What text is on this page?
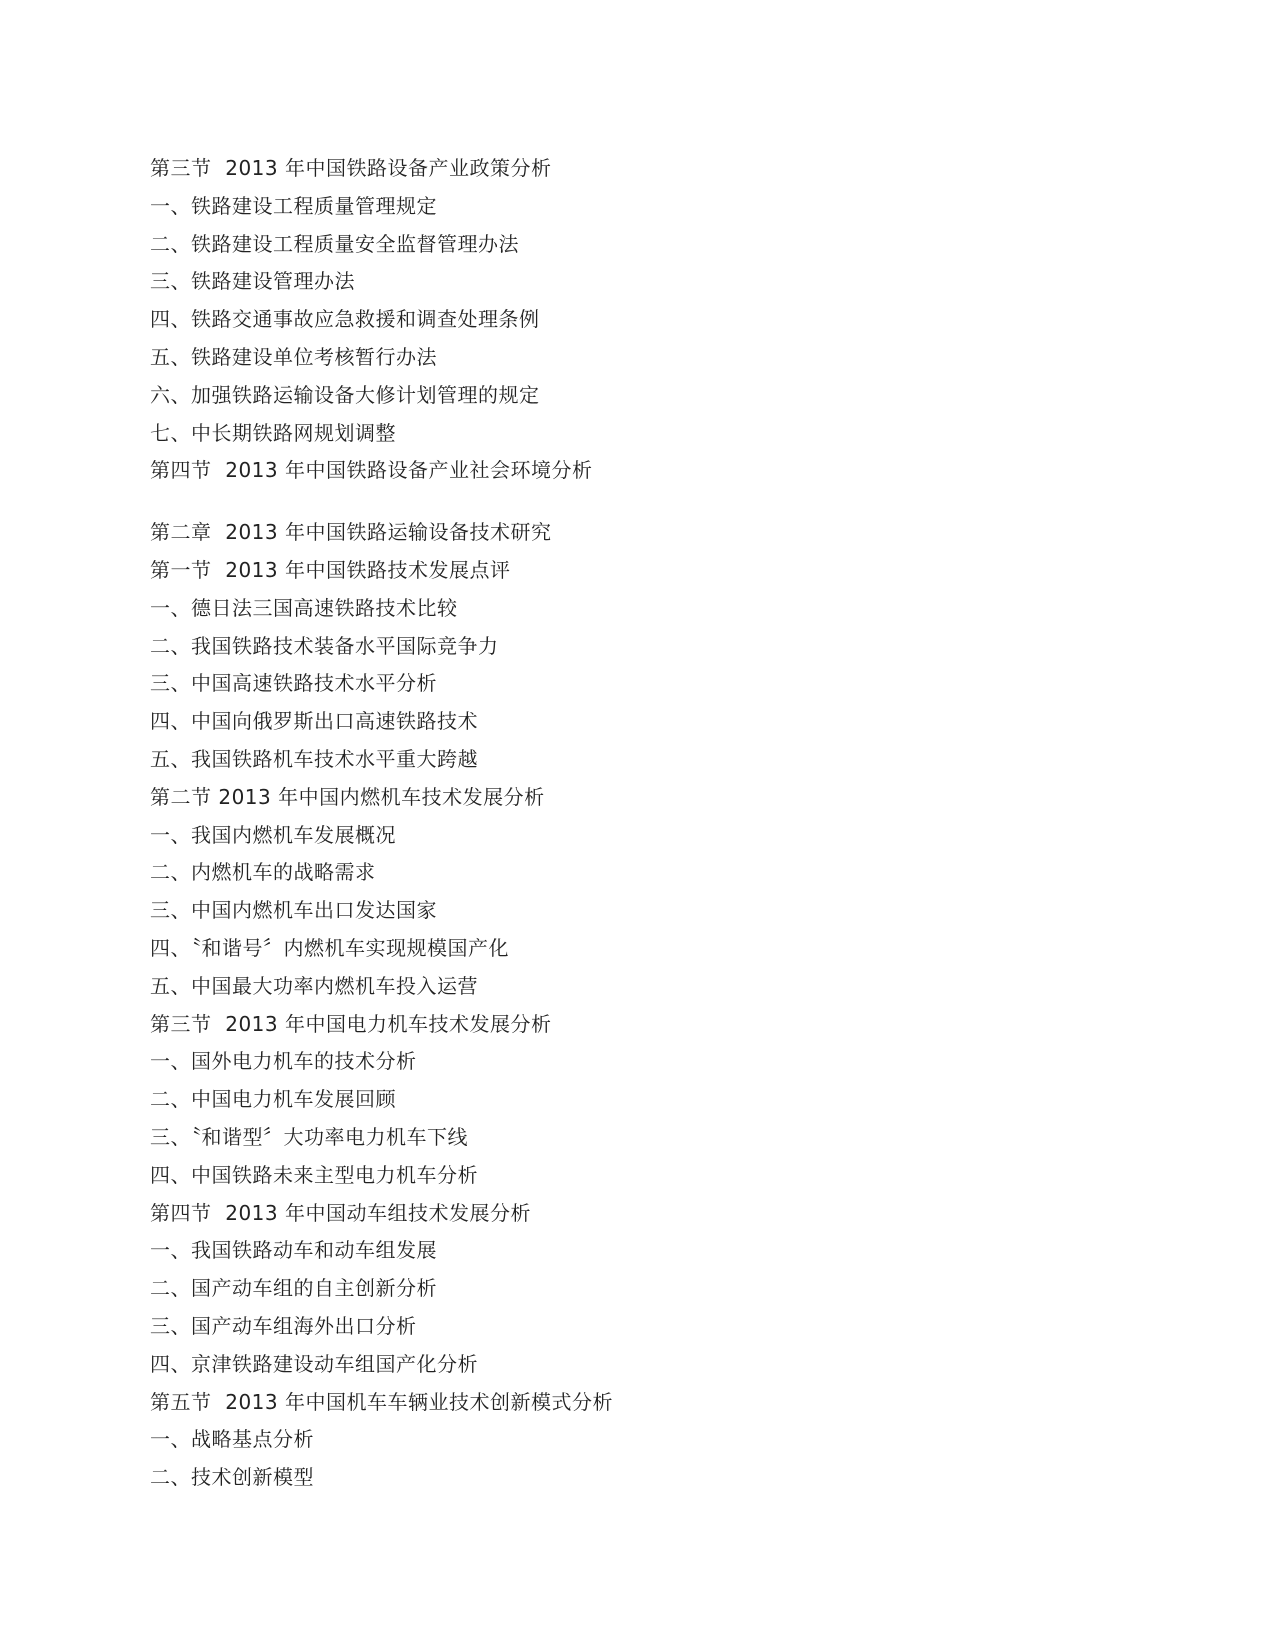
第三节  2013 年中国铁路设备产业政策分析
一、铁路建设工程质量管理规定
二、铁路建设工程质量安全监督管理办法
三、铁路建设管理办法
四、铁路交通事故应急救援和调查处理条例
五、铁路建设单位考核暂行办法
六、加强铁路运输设备大修计划管理的规定
七、中长期铁路网规划调整
第四节  2013 年中国铁路设备产业社会环境分析
第二章  2013 年中国铁路运输设备技术研究
第一节  2013 年中国铁路技术发展点评
一、德日法三国高速铁路技术比较
二、我国铁路技术装备水平国际竞争力
三、中国高速铁路技术水平分析
四、中国向俄罗斯出口高速铁路技术
五、我国铁路机车技术水平重大跨越
第二节 2013 年中国内燃机车技术发展分析
一、我国内燃机车发展概况
二、内燃机车的战略需求
三、中国内燃机车出口发达国家
四、〝和谐号〞内燃机车实现规模国产化
五、中国最大功率内燃机车投入运营
第三节  2013 年中国电力机车技术发展分析
一、国外电力机车的技术分析
二、中国电力机车发展回顾
三、〝和谐型〞大功率电力机车下线
四、中国铁路未来主型电力机车分析
第四节  2013 年中国动车组技术发展分析
一、我国铁路动车和动车组发展
二、国产动车组的自主创新分析
三、国产动车组海外出口分析
四、京津铁路建设动车组国产化分析
第五节  2013 年中国机车车辆业技术创新模式分析
一、战略基点分析
二、技术创新模型
